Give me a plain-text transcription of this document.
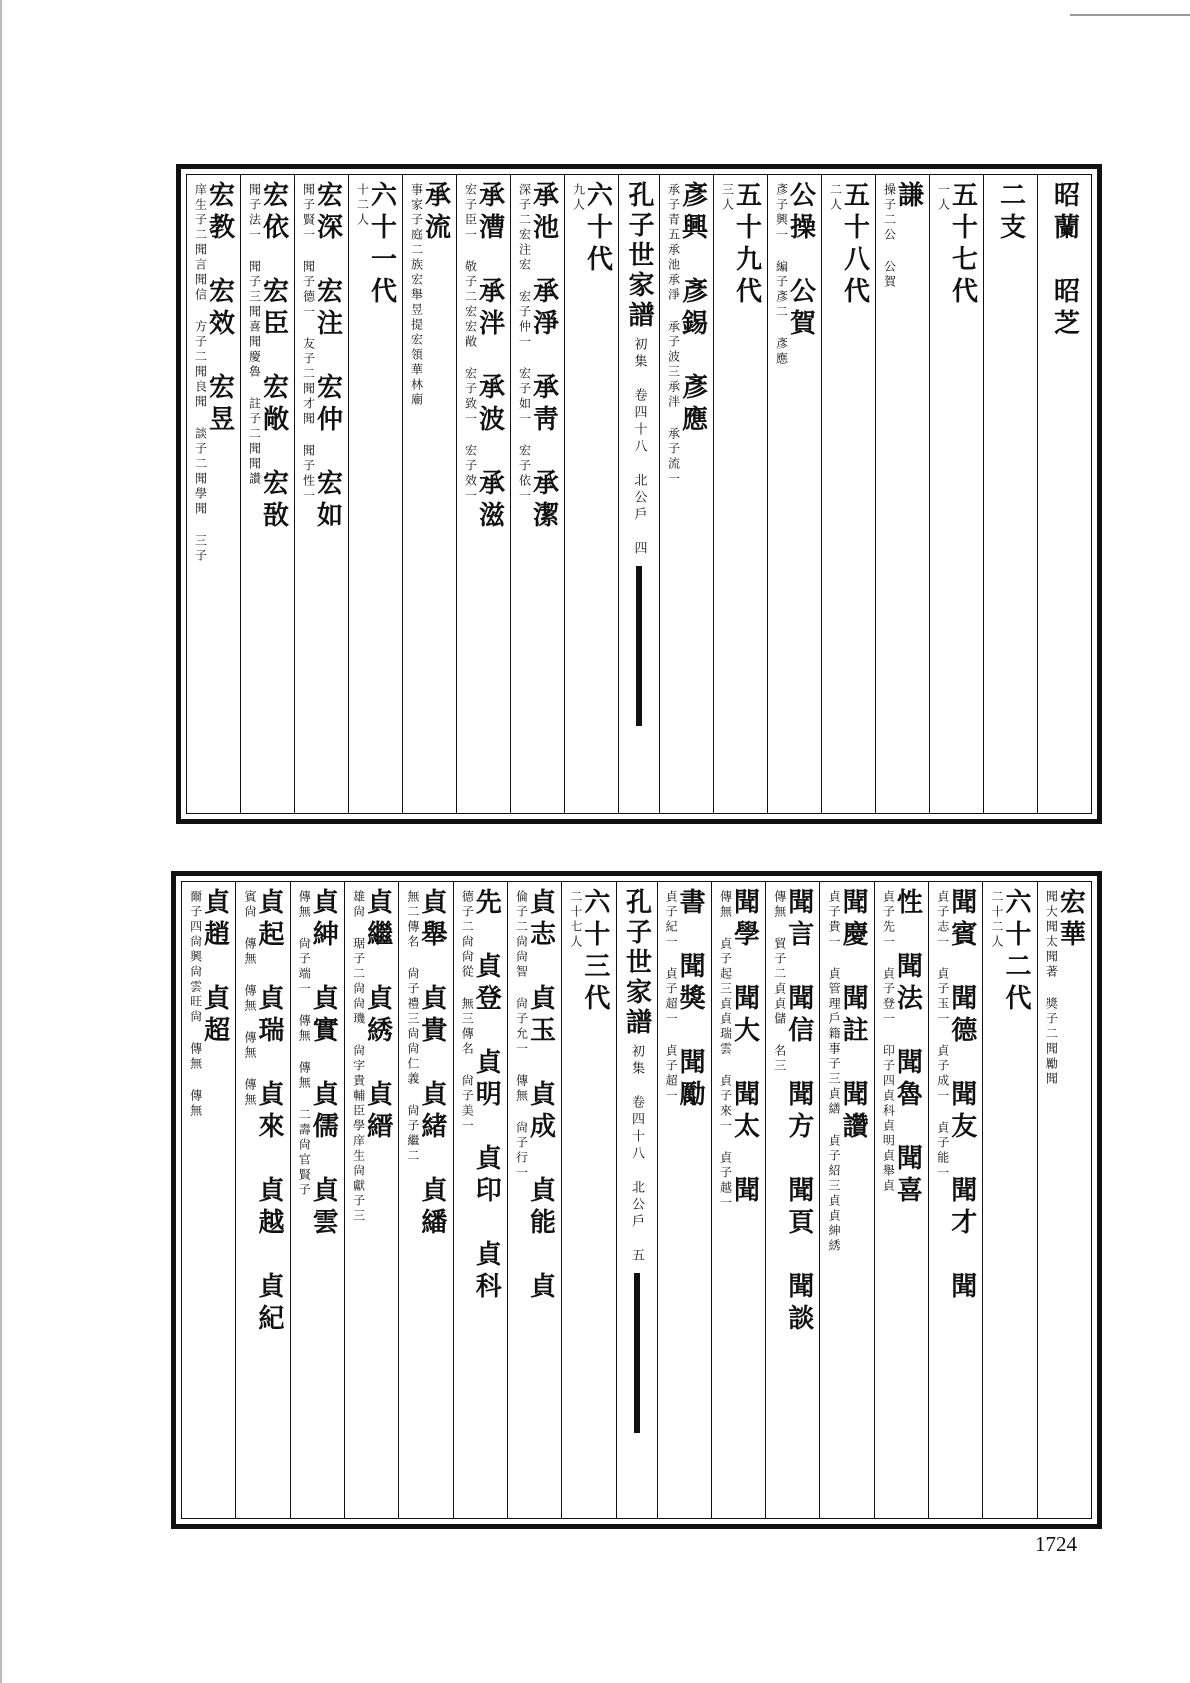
昭蘭　昭芝
二支
五十七代
一人
謙
操子二公 公賀
五十八代
二人
公操　公賀
彥子興一 編子彥二 彥應
五十九代
三人
彥興　彥錫　彥應
承子青五承池承淨 承子波三承泮 承子流一
孔子世家譜
初集　卷四十八　北公戶　四
六十代
九人
承池　承淨　承靑　承潔
深子二宏注宏 宏子仲一 宏子如一 宏子依一
承漕　承泮　承波　承滋
宏子臣一 敬子二宏宏敞 宏子致一 宏子效一
承流
事家子庭二族宏舉昱提宏領華林廟
六十一代
十二人
宏深　宏注　宏仲　宏如
聞子賢一 聞子德一 友子二聞才聞 聞子性一
宏依　宏臣　宏敞　宏敔
聞子法一 聞子三聞喜聞慶魯 註子二聞聞讚
宏教　宏效　宏昱
庠生子二聞言聞信 方子二聞良聞 談子二聞學聞 三子
宏華
聞大聞太聞著 獎子二聞勵聞
六十二代
二十二人
聞賓　聞德　聞友　聞才　聞
貞子志一 貞子玉一 貞子成一 貞子能一
性　聞法　聞魯　聞喜
貞子先一 貞子登一 印子四貞科貞明貞舉貞
聞慶　聞註　聞讚
貞子貴一 貞管理戶籍事子三貞繕 貞子紹三貞貞紳綉
聞言　聞信　聞方　聞頁　聞談
傳無 貿子二貞貞儲 名三
聞學　聞大　聞太　聞
傳無 貞子起三貞貞瑞雲 貞子來一 貞子越一
書　聞獎　聞勵
貞子紀一 貞子超一 貞子超一
孔子世家譜
初集　卷四十八　北公戶　五
六十三代
二十七人
貞志　貞玉　貞成　貞能　貞
倫子二尙尙智 尙子允一 傳無 尙子行一
先　貞登　貞明　貞印　貞科
德子二尙尙從 無三傳名 尙子美一
貞舉　貞貴　貞緒　貞繙
無二傳名 尙子禮三尙尙仁義 尙子繼二
貞繼　貞綉　貞縉
雄尙 琚子二尙尙璣 尙字貴輔臣學庠生尙獻子三
貞紳　貞實　貞儒　貞雲
傳無 尙子端一 傳無 傳無 二壽尙官賢子
貞起　貞瑞　貞來　貞越　貞紀
賓尙 傳無 傳無 傳無 傳無
貞趙　貞超
爾子四尙興尙雲旺尙 傳無 傳無
1724
